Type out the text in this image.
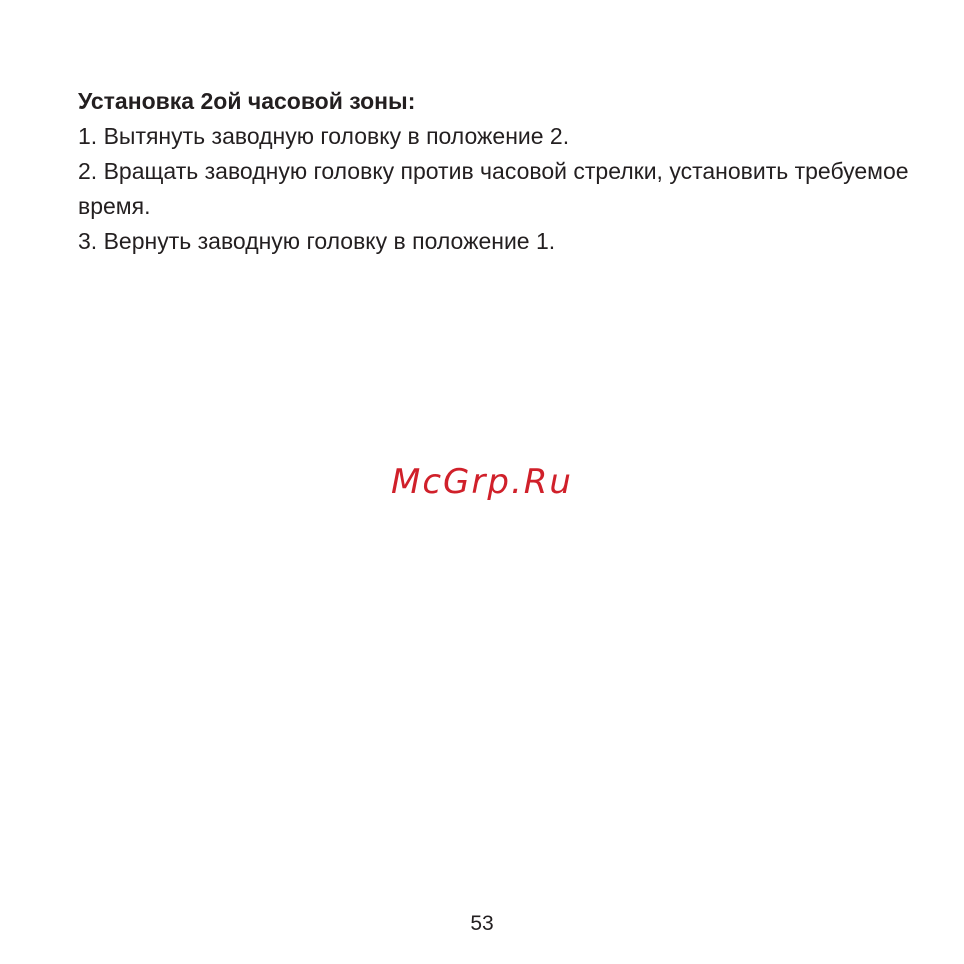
Установка 2ой часовой зоны:

1. Вытянуть заводную головку в положение 2.

2. Вращать заводную головку против часовой стрелки, установить требуемое время.

3. Вернуть заводную головку в положение 1.

McGrp.Ru
53
